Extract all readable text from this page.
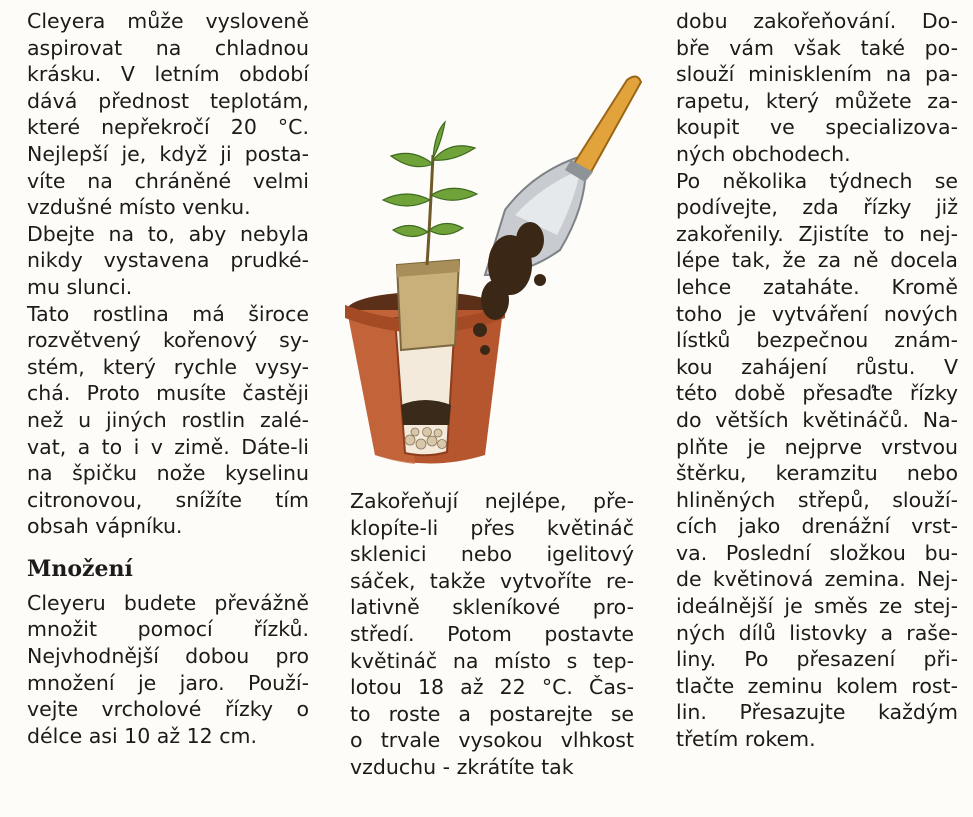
Cleyera může vysloveně
aspirovat na chladnou
krásku. V letním období
dává přednost teplotám,
které nepřekročí 20 °C.
Nejlepší je, když ji posta-
víte na chráněné velmi
vzdušné místo venku.

Dbejte na to, aby nebyla
nikdy vystavena prudké-
mu slunci.

Tato rostlina má široce
rozvětvený kořenový sy-
stém, který rychle vysy-
chá. Proto musíte častěji
než u jiných rostlin zalé-
vat, a to i v zimě. Dáte-li
na špičku nože kyselinu
citronovou, snížíte tím
obsah vápníku.

Množení

Cleyeru budete převážně
množit pomocí řízků.
Nejvhodnější dobou pro
množení je jaro. Použí-
vejte vrcholové řízky o
délce asi 10 až 12 cm.

Zakořeňují nejlépe, pře-
klopíte-li přes květináč
sklenici nebo igelitový
sáček, takže vytvoříte re-
lativně skleníkové pro-
středí. Potom postavte
květináč na místo s tep-
lotou 18 až 22 °C. Čas-
to roste a postarejte se
o trvale vysokou vlhkost
vzduchu - zkrátíte tak

dobu zakořeňování. Do-
bře vám však také po-
slouží minisklením na pa-
rapetu, který můžete za-
koupit ve specializova-
ných obchodech.

Po několika týdnech se
podívejte, zda řízky již
zakořenily. Zjistíte to nej-
lépe tak, že za ně docela
lehce zataháte. Kromě
toho je vytváření nových
lístků bezpečnou znám-
kou zahájení růstu. V
této době přesaďte řízky
do větších květináčů. Na-
plňte je nejprve vrstvou
štěrku, keramzitu nebo
hliněných střepů, slouží-
cích jako drenážní vrst-
va. Poslední složkou bu-
de květinová zemina. Nej-
ideálnější je směs ze stej-
ných dílů listovky a raše-
liny. Po přesazení při-
tlačte zeminu kolem rost-
lin. Přesazujte každým
třetím rokem.
